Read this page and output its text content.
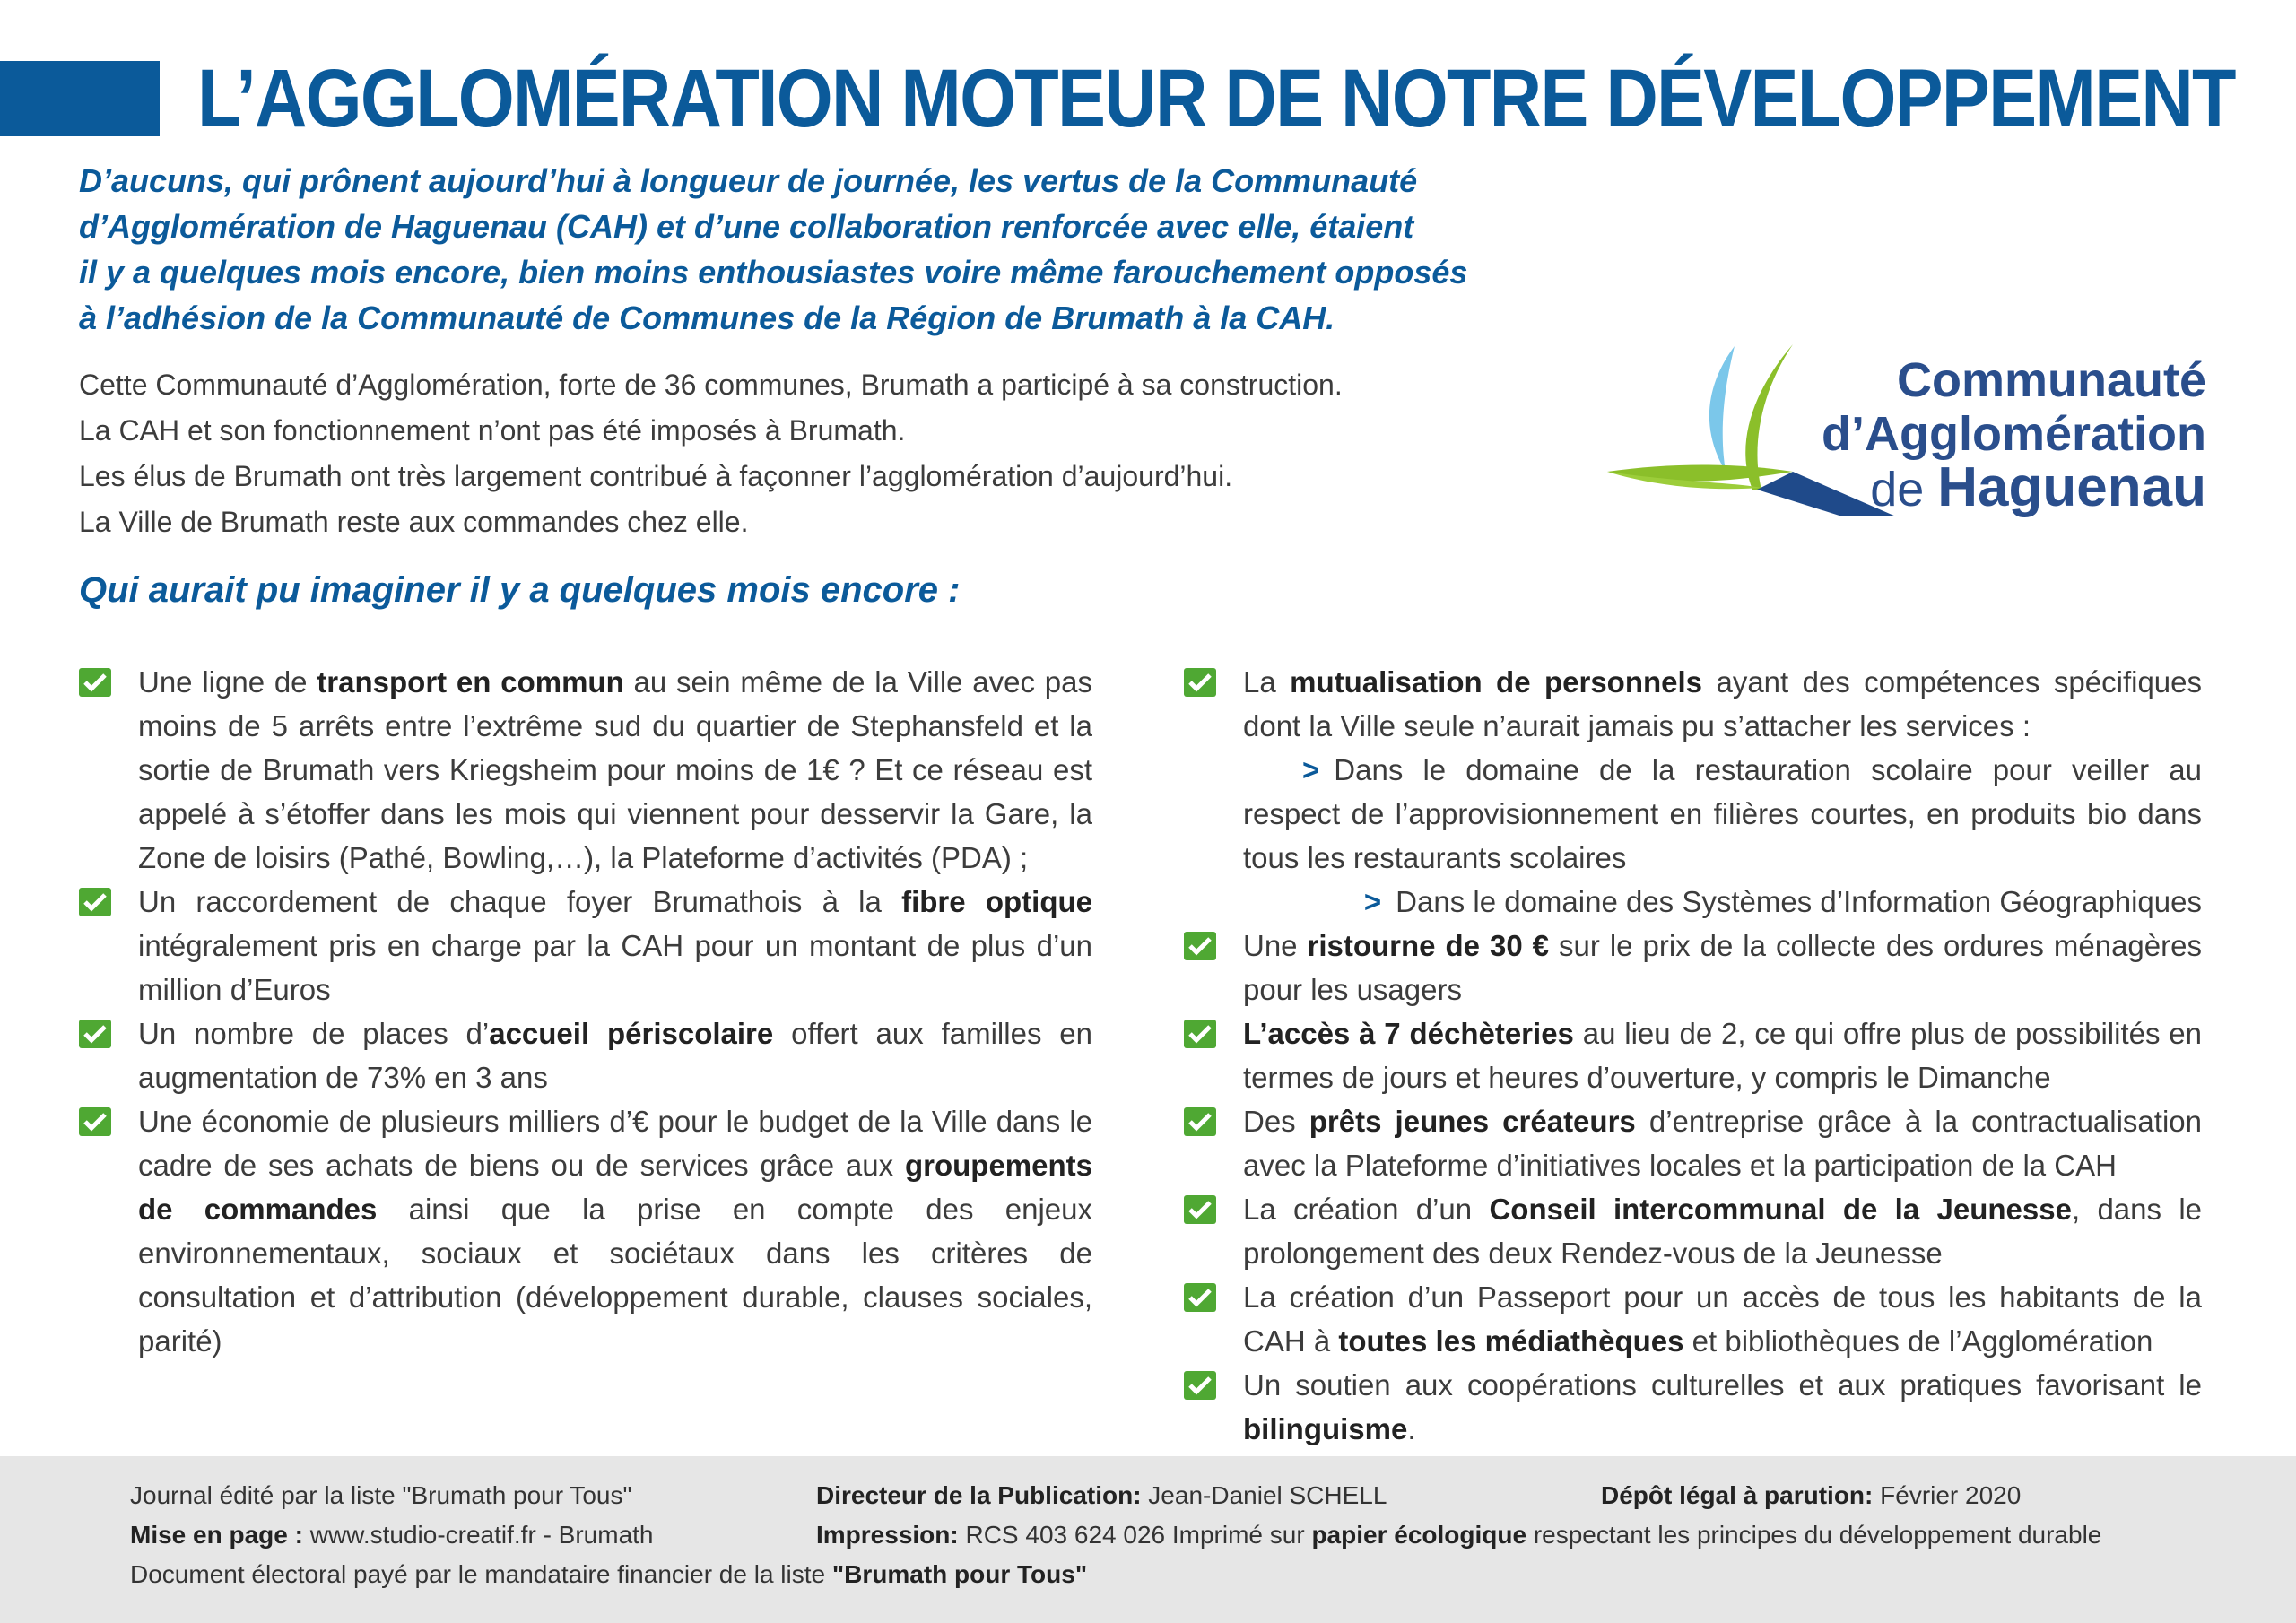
L’AGGLOMÉRATION MOTEUR DE NOTRE DÉVELOPPEMENT

D’aucuns, qui prônent aujourd’hui à longueur de journée, les vertus de la Communauté
d’Agglomération de Haguenau (CAH) et d’une collaboration renforcée avec elle, étaient
il y a quelques mois encore, bien moins enthousiastes voire même farouchement opposés
à l’adhésion de la Communauté de Communes de la Région de Brumath à la CAH.

Cette Communauté d’Agglomération, forte de 36 communes, Brumath a participé à sa construction.
La CAH et son fonctionnement n’ont pas été imposés à Brumath.
Les élus de Brumath ont très largement contribué à façonner l’agglomération d’aujourd’hui.
La Ville de Brumath reste aux commandes chez elle.
Communauté
d’Agglomération
de Haguenau
Qui aurait pu imaginer il y a quelques mois encore :
Une ligne de transport en commun au sein même de la Ville avec pas moins de 5 arrêts entre l’extrême sud du quartier de Stephansfeld et la sortie de Brumath vers Kriegsheim pour moins de 1€ ? Et ce réseau est appelé à s’étoffer dans les mois qui viennent pour desservir la Gare, la Zone de loisirs (Pathé, Bowling,…), la Plateforme d’activités (PDA) ;
Un raccordement de chaque foyer Brumathois à la fibre optique intégralement pris en charge par la CAH pour un montant de plus d’un million d’Euros
Un nombre de places d’accueil périscolaire offert aux familles en augmentation de 73% en 3 ans
Une économie de plusieurs milliers d’€ pour le budget de la Ville dans le cadre de ses achats de biens ou de services grâce aux groupements de commandes ainsi que la prise en compte des enjeux environnementaux, sociaux et sociétaux dans les critères de consultation et d’attribution (développement durable, clauses sociales, parité)
La mutualisation de personnels ayant des compétences spécifiques dont la Ville seule n’aurait jamais pu s’attacher les services :
> Dans le domaine de la restauration scolaire pour veiller au respect de l’approvisionnement en filières courtes, en produits bio dans tous les restaurants scolaires
> Dans le domaine des Systèmes d’Information Géographiques
Une ristourne de 30 € sur le prix de la collecte des ordures ménagères pour les usagers
L’accès à 7 déchèteries au lieu de 2, ce qui offre plus de possibilités en termes de jours et heures d’ouverture, y compris le Dimanche
Des prêts jeunes créateurs d’entreprise grâce à la contractualisation avec la Plateforme d’initiatives locales et la participation de la CAH
La création d’un Conseil intercommunal de la Jeunesse, dans le prolongement des deux Rendez-vous de la Jeunesse
La création d’un Passeport pour un accès de tous les habitants de la CAH à toutes les médiathèques et bibliothèques de l’Agglomération
Un soutien aux coopérations culturelles et aux pratiques favorisant le bilinguisme.
Journal édité par la liste "Brumath pour Tous"	Directeur de la Publication: Jean-Daniel SCHELL	Dépôt légal à parution: Février 2020
Mise en page : www.studio-creatif.fr - Brumath	Impression: RCS 403 624 026 Imprimé sur papier écologique respectant les principes du développement durable
Document électoral payé par le mandataire financier de la liste "Brumath pour Tous"
